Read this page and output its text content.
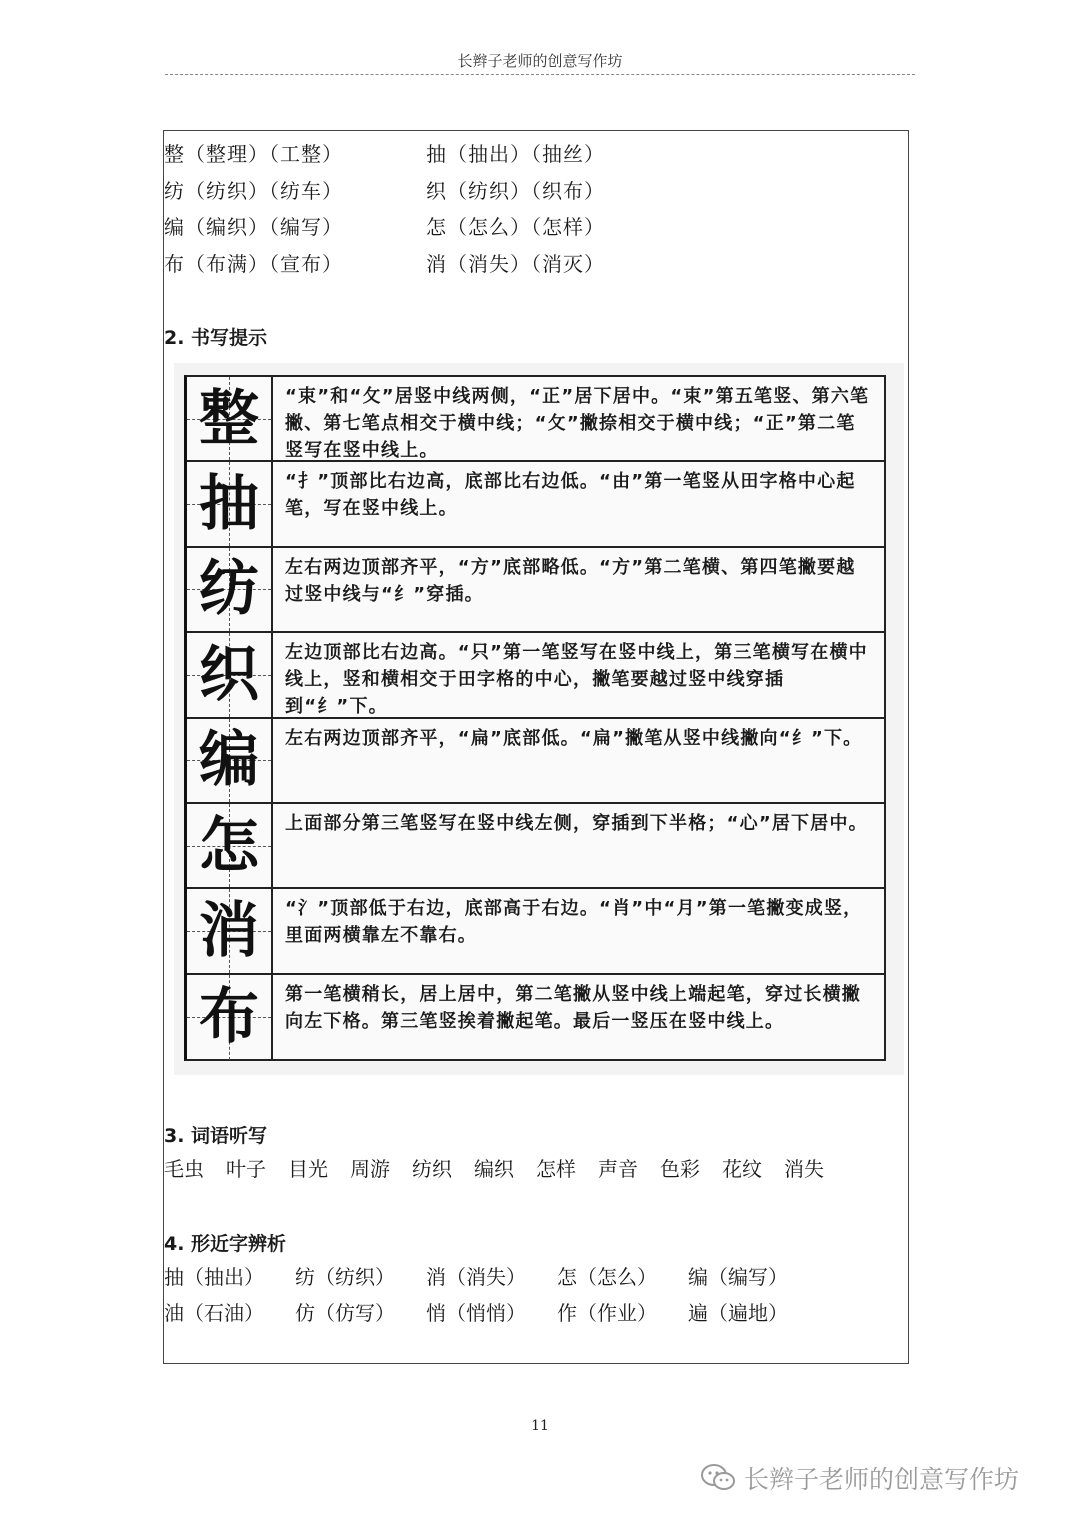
长辫子老师的创意写作坊
整（整理）（工整）	抽（抽出）（抽丝）
纺（纺织）（纺车）	织（纺织）（织布）
编（编织）（编写）	怎（怎么）（怎样）
布（布满）（宣布）	消（消失）（消灭）
2. 书写提示
整	“束”和“攵”居竖中线两侧，“正”居下居中。“束”第五笔竖、第六笔撇、第七笔点相交于横中线；“攵”撇捺相交于横中线；“正”第二笔竖写在竖中线上。
抽	“扌”顶部比右边高，底部比右边低。“由”第一笔竖从田字格中心起笔，写在竖中线上。
纺	左右两边顶部齐平，“方”底部略低。“方”第二笔横、第四笔撇要越过竖中线与“纟”穿插。
织	左边顶部比右边高。“只”第一笔竖写在竖中线上，第三笔横写在横中线上，竖和横相交于田字格的中心，撇笔要越过竖中线穿插到“纟”下。
编	左右两边顶部齐平，“扁”底部低。“扁”撇笔从竖中线撇向“纟”下。
怎	上面部分第三笔竖写在竖中线左侧，穿插到下半格；“心”居下居中。
消	“氵”顶部低于右边，底部高于右边。“肖”中“月”第一笔撇变成竖，里面两横靠左不靠右。
布	第一笔横稍长，居上居中，第二笔撇从竖中线上端起笔，穿过长横撇向左下格。第三笔竖挨着撇起笔。最后一竖压在竖中线上。
3. 词语听写
毛虫 叶子 目光 周游 纺织 编织 怎样 声音 色彩 花纹 消失
4. 形近字辨析
抽（抽出）	纺（纺织）	消（消失）	怎（怎么）	编（编写）
油（石油）	仿（仿写）	悄（悄悄）	作（作业）	遍（遍地）
11
长辫子老师的创意写作坊
